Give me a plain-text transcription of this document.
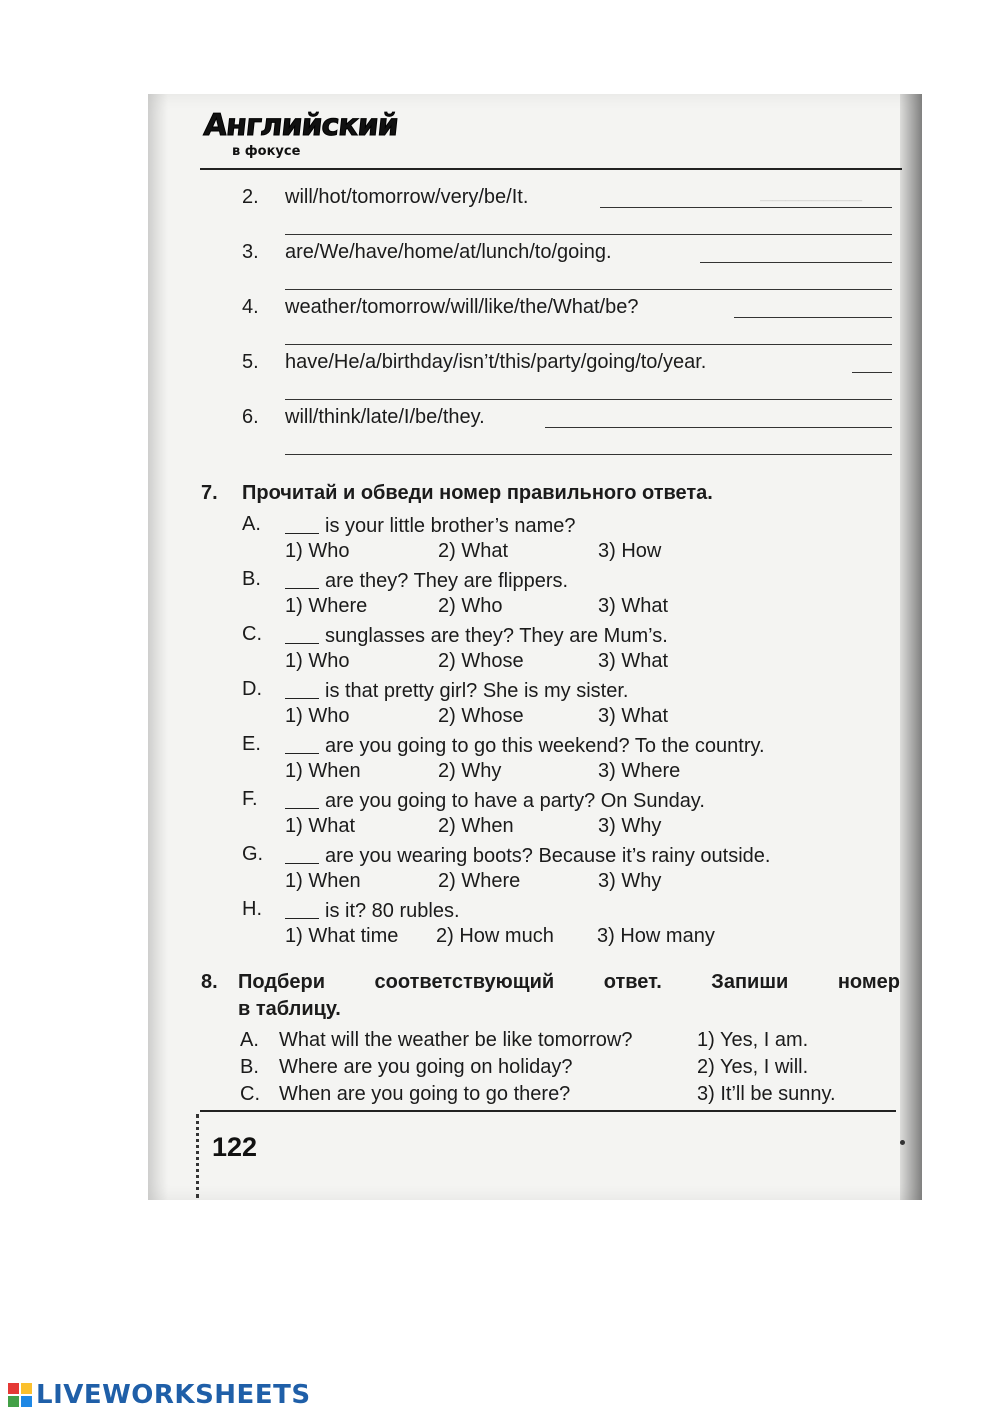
────────
Английский
в фокусе
2. will/hot/tomorrow/very/be/It.
3. are/We/have/home/at/lunch/to/going.
4. weather/tomorrow/will/like/the/What/be?
5. have/He/a/birthday/isn’t/this/party/going/to/year.
6. will/think/late/I/be/they.
7. Прочитай и обведи номер правильного ответа.
A.	is your little brother’s name?
1) Who	2) What	3) How
B.	are they? They are flippers.
1) Where	2) Who	3) What
C.	sunglasses are they? They are Mum’s.
1) Who	2) Whose	3) What
D.	is that pretty girl? She is my sister.
1) Who	2) Whose	3) What
E.	are you going to go this weekend? To the country.
1) When	2) Why	3) Where
F.	are you going to have a party? On Sunday.
1) What	2) When	3) Why
G.	are you wearing boots? Because it’s rainy outside.
1) When	2) Where	3) Why
H.	is it? 80 rubles.
1) What time 2) How much 3) How many
8. Подбери соответствующий ответ. Запиши номер
в таблицу.
A. What will the weather be like tomorrow?	1) Yes, I am.
B. Where are you going on holiday?	2) Yes, I will.
C. When are you going to go there?	3) It’ll be sunny.
122
LIVEWORKSHEETS
